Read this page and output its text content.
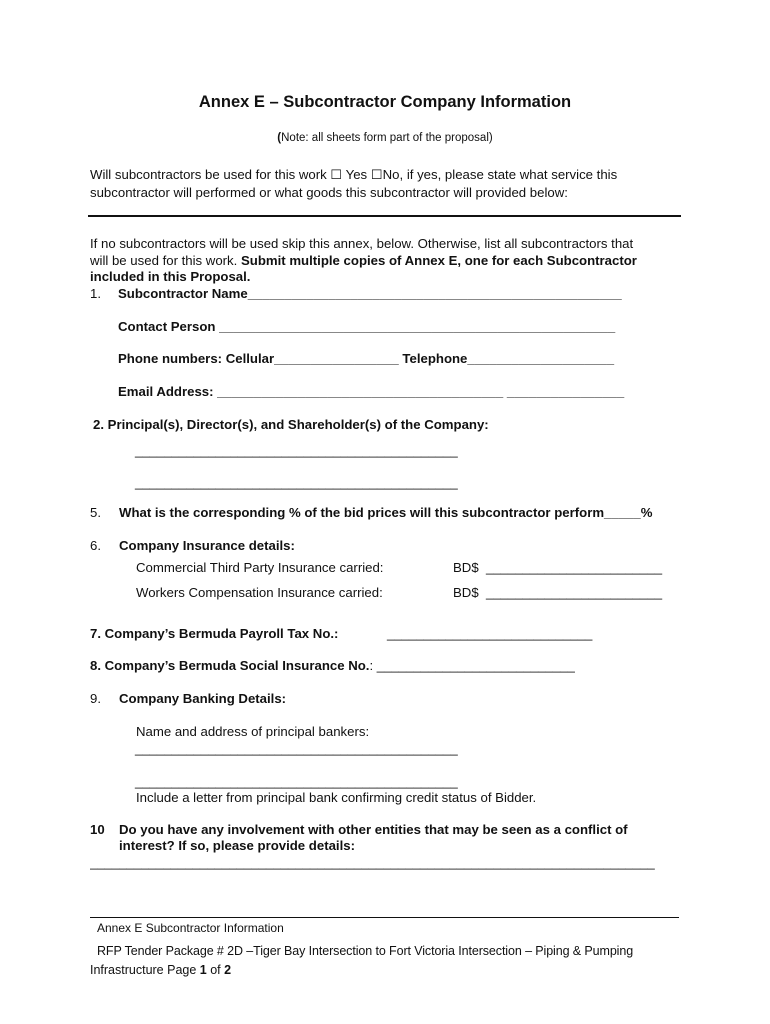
Annex E – Subcontractor Company Information
(Note: all sheets form part of the proposal)
Will subcontractors be used for this work ☐ Yes ☐No, if yes, please state what service this
subcontractor will performed or what goods this subcontractor will provided below:
If no subcontractors will be used skip this annex, below. Otherwise, list all subcontractors that
will be used for this work. Submit multiple copies of Annex E, one for each Subcontractor
included in this Proposal.
1. Subcontractor Name___________________________________________________
Contact Person ______________________________________________________
Phone numbers: Cellular_________________ Telephone____________________
Email Address: _______________________________________ ________________
2. Principal(s), Director(s), and Shareholder(s) of the Company:
____________________________________________
____________________________________________
5. What is the corresponding % of the bid prices will this subcontractor perform_____%
6. Company Insurance details:
Commercial Third Party Insurance carried:	BD$ ________________________
Workers Compensation Insurance carried:	BD$ ________________________
7. Company’s Bermuda Payroll Tax No.:	____________________________
8. Company’s Bermuda Social Insurance No.: ___________________________
9. Company Banking Details:
Name and address of principal bankers:
____________________________________________
____________________________________________
Include a letter from principal bank confirming credit status of Bidder.
10 Do you have any involvement with other entities that may be seen as a conflict of
interest? If so, please provide details:
_____________________________________________________________________________
Annex E Subcontractor Information
RFP Tender Package # 2D –Tiger Bay Intersection to Fort Victoria Intersection – Piping & Pumping
Infrastructure Page 1 of 2
